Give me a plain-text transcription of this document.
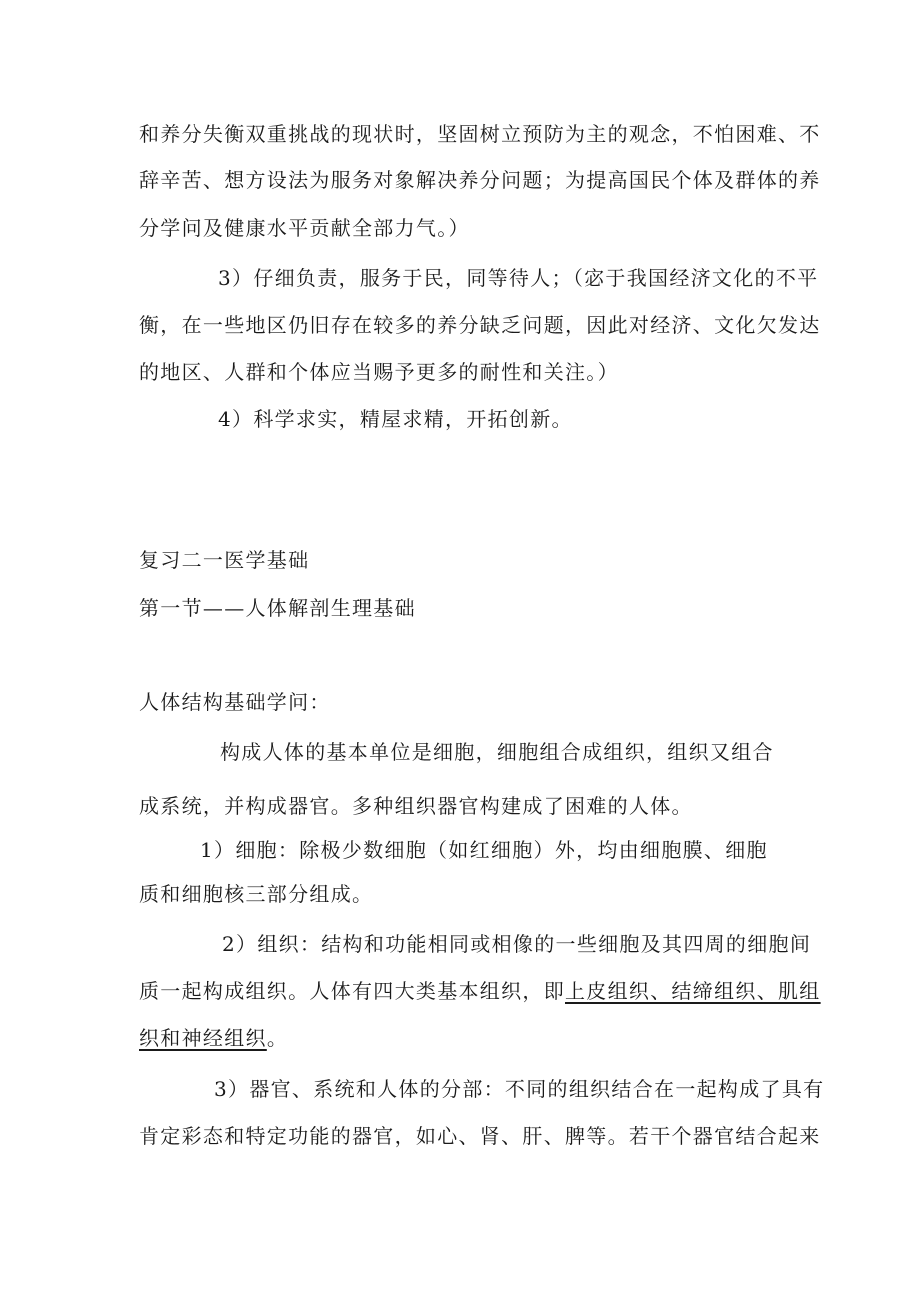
和养分失衡双重挑战的现状时，坚固树立预防为主的观念，不怕困难、不
辞辛苦、想方设法为服务对象解决养分问题；为提高国民个体及群体的养
分学问及健康水平贡献全部力气。）
3）仔细负责，服务于民，同等待人；（宓于我国经济文化的不平
衡，在一些地区仍旧存在较多的养分缺乏问题，因此对经济、文化欠发达
的地区、人群和个体应当赐予更多的耐性和关注。）
4）科学求实，精屋求精，开拓创新。
复习二一医学基础
第一节——人体解剖生理基础
人体结构基础学问：
构成人体的基本单位是细胞，细胞组合成组织，组织又组合
成系统，并构成器官。多种组织器官构建成了困难的人体。
1）细胞：除极少数细胞（如红细胞）外，均由细胞膜、细胞
质和细胞核三部分组成。
2）组织：结构和功能相同或相像的一些细胞及其四周的细胞间
质一起构成组织。人体有四大类基本组织，即上皮组织、结缔组织、肌组
织和神经组织。
3）器官、系统和人体的分部：不同的组织结合在一起构成了具有
肯定彩态和特定功能的器官，如心、肾、肝、脾等。若干个器官结合起来
